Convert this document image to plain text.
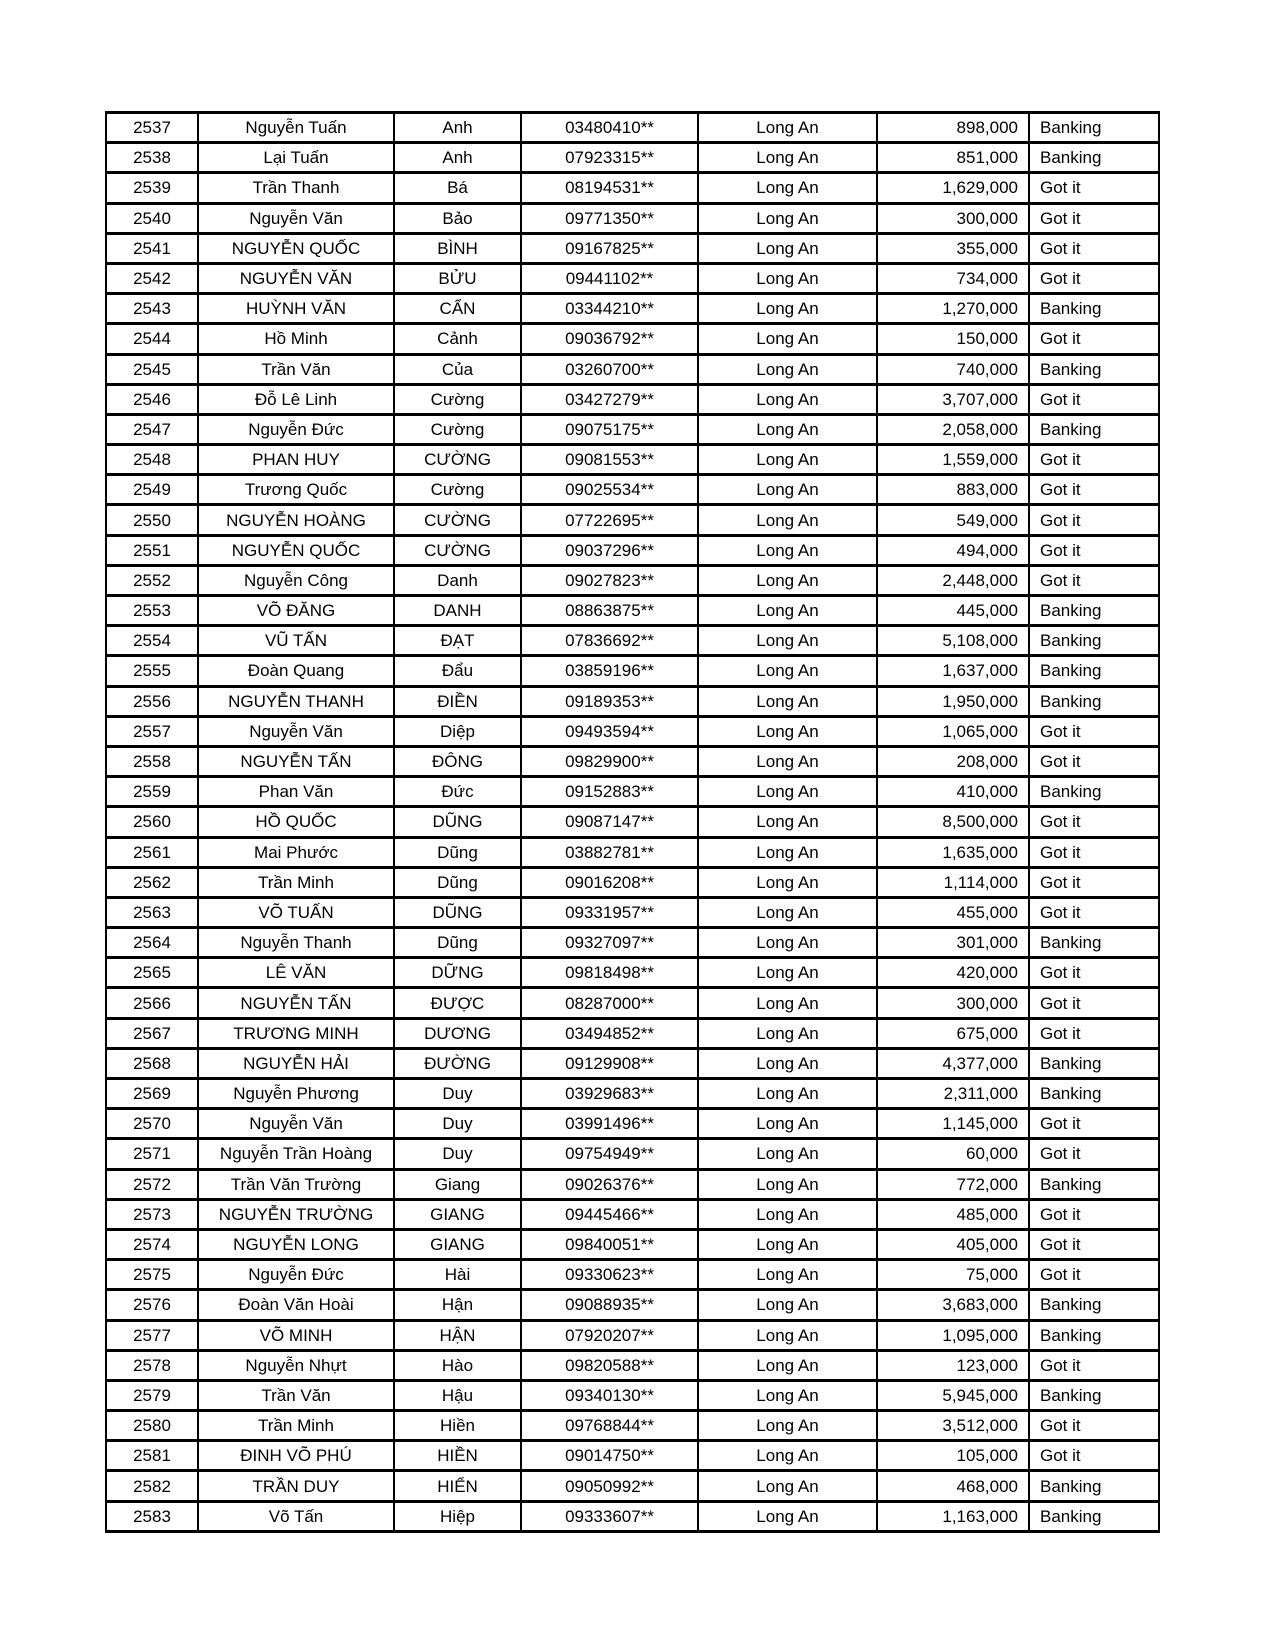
2537	Nguyễn Tuấn	Anh	03480410**	Long An	898,000	Banking
2538	Lại Tuấn	Anh	07923315**	Long An	851,000	Banking
2539	Trần Thanh	Bá	08194531**	Long An	1,629,000	Got it
2540	Nguyễn Văn	Bảo	09771350**	Long An	300,000	Got it
2541	NGUYỄN QUỐC	BÌNH	09167825**	Long An	355,000	Got it
2542	NGUYỄN VĂN	BỬU	09441102**	Long An	734,000	Got it
2543	HUỲNH VĂN	CẨN	03344210**	Long An	1,270,000	Banking
2544	Hồ Minh	Cảnh	09036792**	Long An	150,000	Got it
2545	Trần Văn	Của	03260700**	Long An	740,000	Banking
2546	Đỗ Lê Linh	Cường	03427279**	Long An	3,707,000	Got it
2547	Nguyễn Đức	Cường	09075175**	Long An	2,058,000	Banking
2548	PHAN HUY	CƯỜNG	09081553**	Long An	1,559,000	Got it
2549	Trương Quốc	Cường	09025534**	Long An	883,000	Got it
2550	NGUYỄN HOÀNG	CƯỜNG	07722695**	Long An	549,000	Got it
2551	NGUYỄN QUỐC	CƯỜNG	09037296**	Long An	494,000	Got it
2552	Nguyễn Công	Danh	09027823**	Long An	2,448,000	Got it
2553	VÕ ĐĂNG	DANH	08863875**	Long An	445,000	Banking
2554	VŨ TẤN	ĐẠT	07836692**	Long An	5,108,000	Banking
2555	Đoàn Quang	Đẩu	03859196**	Long An	1,637,000	Banking
2556	NGUYỄN THANH	ĐIỀN	09189353**	Long An	1,950,000	Banking
2557	Nguyễn Văn	Diệp	09493594**	Long An	1,065,000	Got it
2558	NGUYỄN TẤN	ĐÔNG	09829900**	Long An	208,000	Got it
2559	Phan Văn	Đức	09152883**	Long An	410,000	Banking
2560	HỒ QUỐC	DŨNG	09087147**	Long An	8,500,000	Got it
2561	Mai Phước	Dũng	03882781**	Long An	1,635,000	Got it
2562	Trần Minh	Dũng	09016208**	Long An	1,114,000	Got it
2563	VÕ TUẤN	DŨNG	09331957**	Long An	455,000	Got it
2564	Nguyễn Thanh	Dũng	09327097**	Long An	301,000	Banking
2565	LÊ VĂN	DỮNG	09818498**	Long An	420,000	Got it
2566	NGUYỄN TẤN	ĐƯỢC	08287000**	Long An	300,000	Got it
2567	TRƯƠNG MINH	DƯƠNG	03494852**	Long An	675,000	Got it
2568	NGUYỄN HẢI	ĐƯỜNG	09129908**	Long An	4,377,000	Banking
2569	Nguyễn Phương	Duy	03929683**	Long An	2,311,000	Banking
2570	Nguyễn Văn	Duy	03991496**	Long An	1,145,000	Got it
2571	Nguyễn Trần Hoàng	Duy	09754949**	Long An	60,000	Got it
2572	Trần Văn Trường	Giang	09026376**	Long An	772,000	Banking
2573	NGUYỄN TRƯỜNG	GIANG	09445466**	Long An	485,000	Got it
2574	NGUYỄN LONG	GIANG	09840051**	Long An	405,000	Got it
2575	Nguyễn Đức	Hài	09330623**	Long An	75,000	Got it
2576	Đoàn Văn Hoài	Hận	09088935**	Long An	3,683,000	Banking
2577	VÕ MINH	HẬN	07920207**	Long An	1,095,000	Banking
2578	Nguyễn Nhựt	Hào	09820588**	Long An	123,000	Got it
2579	Trần Văn	Hậu	09340130**	Long An	5,945,000	Banking
2580	Trần Minh	Hiền	09768844**	Long An	3,512,000	Got it
2581	ĐINH VÕ PHÚ	HIỀN	09014750**	Long An	105,000	Got it
2582	TRẦN DUY	HIỂN	09050992**	Long An	468,000	Banking
2583	Võ Tấn	Hiệp	09333607**	Long An	1,163,000	Banking
